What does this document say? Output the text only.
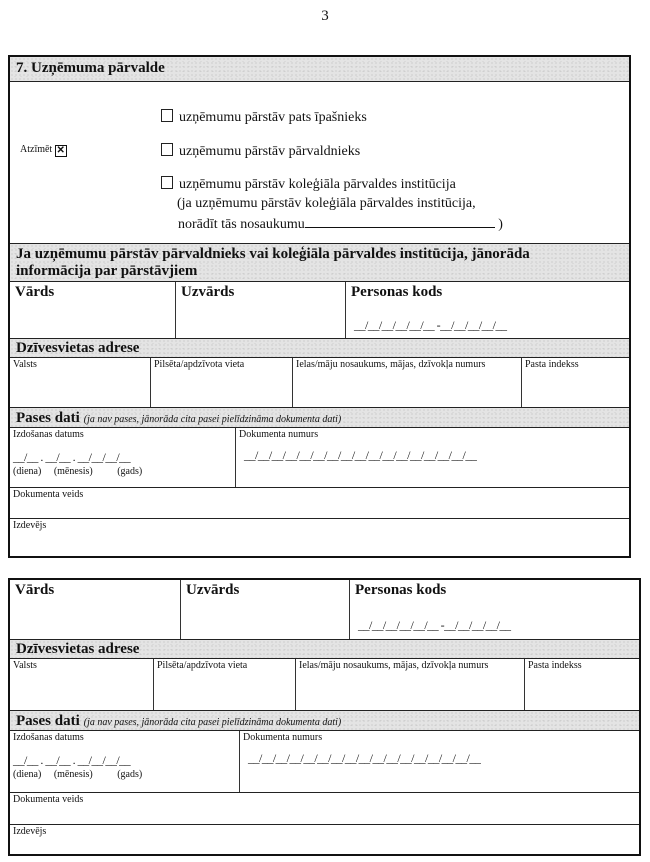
3
7. Uzņēmuma pārvalde
Atzīmēt ✕
uzņēmumu pārstāv pats īpašnieks
uzņēmumu pārstāv pārvaldnieks
uzņēmumu pārstāv koleģiāla pārvaldes institūcija
(ja uzņēmumu pārstāv koleģiāla pārvaldes institūcija,
norādīt tās nosaukumu	)
Ja uzņēmumu pārstāv pārvaldnieks vai koleģiāla pārvaldes institūcija, jānorāda
informācija par pārstāvjiem
Vārds	Uzvārds	Personas kods
__/__/__/__/__/__ -__/__/__/__/__
Dzīvesvietas adrese
Valsts	Pilsēta/apdzīvota vieta	Ielas/māju nosaukums, mājas, dzīvokļa numurs	Pasta indekss
Pases dati (ja nav pases, jānorāda cita pasei pielīdzināma dokumenta dati)
Izdošanas datums
__/__ . __/__ . __/__/__/__
(diena) (mēnesis) (gads)
Dokumenta numurs
__/__/__/__/__/__/__/__/__/__/__/__/__/__/__/__/__
Dokumenta veids
Izdevējs
Vārds	Uzvārds	Personas kods
__/__/__/__/__/__ -__/__/__/__/__
Dzīvesvietas adrese
Valsts	Pilsēta/apdzīvota vieta	Ielas/māju nosaukums, mājas, dzīvokļa numurs	Pasta indekss
Pases dati (ja nav pases, jānorāda cita pasei pielīdzināma dokumenta dati)
Izdošanas datums
__/__ . __/__ . __/__/__/__
(diena) (mēnesis) (gads)
Dokumenta numurs
__/__/__/__/__/__/__/__/__/__/__/__/__/__/__/__/__
Dokumenta veids
Izdevējs
